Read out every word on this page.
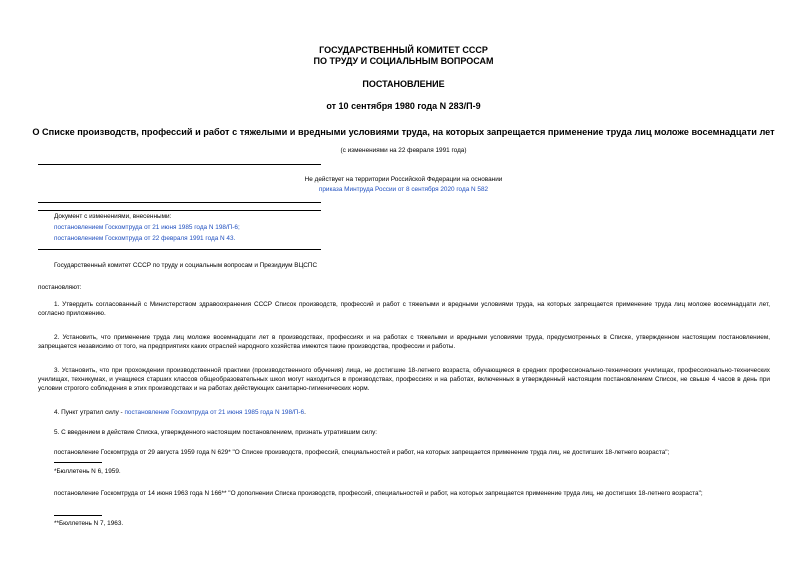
ГОСУДАРСТВЕННЫЙ КОМИТЕТ СССР
ПО ТРУДУ И СОЦИАЛЬНЫМ ВОПРОСАМ
ПОСТАНОВЛЕНИЕ
от 10 сентября 1980 года N 283/П-9
О Списке производств, профессий и работ с тяжелыми и вредными условиями труда, на которых запрещается применение труда лиц моложе восемнадцати лет
(с изменениями на 22 февраля 1991 года)
Не действует на территории Российской Федерации на основании
приказа Минтруда России от 8 сентября 2020 года N 582
Документ с изменениями, внесенными:
постановлением Госкомтруда от 21 июня 1985 года N 198/П-6;
постановлением Госкомтруда от 22 февраля 1991 года N 43.
Государственный комитет СССР по труду и социальным вопросам и Президиум ВЦСПС
постановляют:
1. Утвердить согласованный с Министерством здравоохранения СССР Список производств, профессий и работ с тяжелыми и вредными условиями труда, на которых запрещается применение труда лиц моложе восемнадцати лет, согласно приложению.
2. Установить, что применение труда лиц моложе восемнадцати лет в производствах, профессиях и на работах с тяжелыми и вредными условиями труда, предусмотренных в Списке, утвержденном настоящим постановлением, запрещается независимо от того, на предприятиях каких отраслей народного хозяйства имеются такие производства, профессии и работы.
3. Установить, что при прохождении производственной практики (производственного обучения) лица, не достигшие 18-летнего возраста, обучающиеся в средних профессионально-технических училищах, профессионально-технических училищах, техникумах, и учащиеся старших классов общеобразовательных школ могут находиться в производствах, профессиях и на работах, включенных в утвержденный настоящим постановлением Список, не свыше 4 часов в день при условии строгого соблюдения в этих производствах и на работах действующих санитарно-гигиенических норм.
4. Пункт утратил силу - постановление Госкомтруда от 21 июня 1985 года N 198/П-6.
5. С введением в действие Списка, утвержденного настоящим постановлением, признать утратившим силу:
постановление Госкомтруда от 29 августа 1959 года N 629* "О Списке производств, профессий, специальностей и работ, на которых запрещается применение труда лиц, не достигших 18-летнего возраста";
*Бюллетень N 6, 1959.
постановление Госкомтруда от 14 июня 1963 года N 166** "О дополнении Списка производств, профессий, специальностей и работ, на которых запрещается применение труда лиц, не достигших 18-летнего возраста";
**Бюллетень N 7, 1963.
